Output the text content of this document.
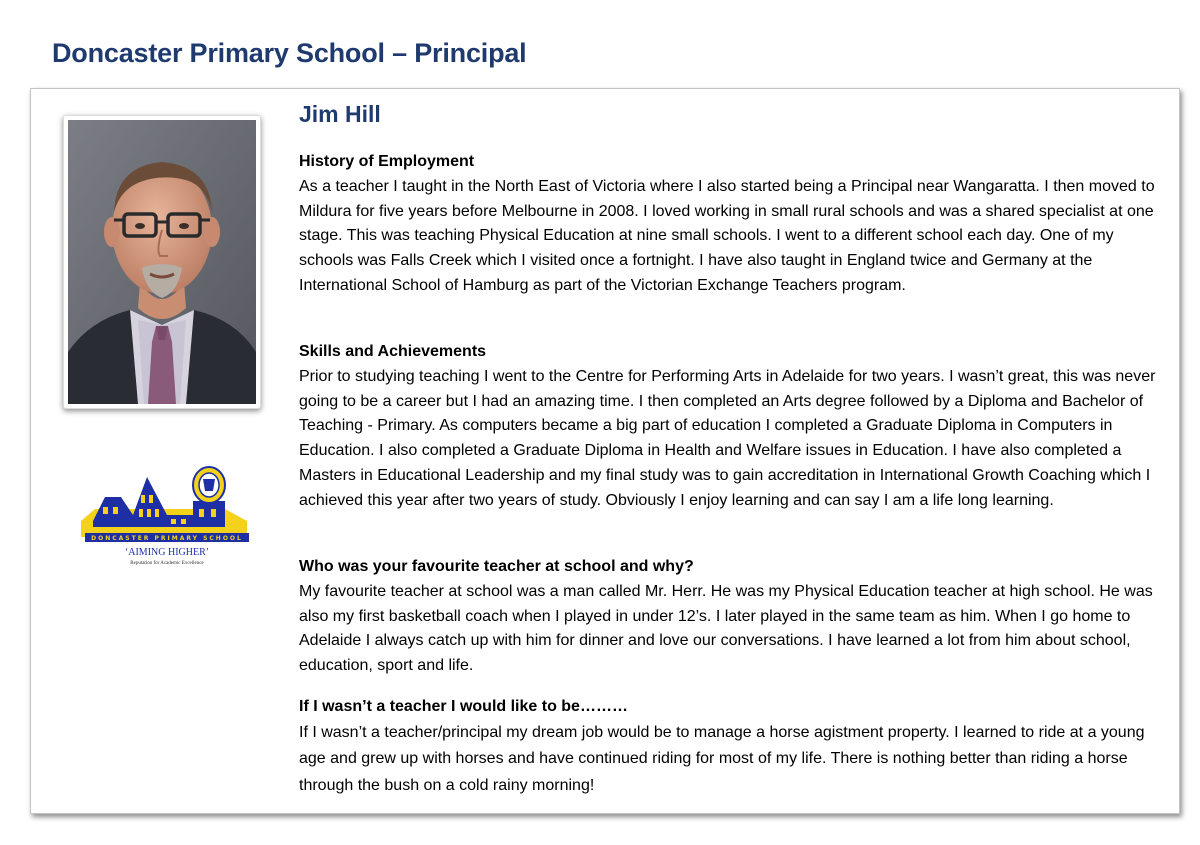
Doncaster Primary School – Principal
DONCASTER PRIMARY SCHOOL
‘AIMING HIGHER’
Reputation for Academic Excellence
Jim Hill
History of Employment

As a teacher I taught in the North East of Victoria where I also started being a Principal near Wangaratta. I then moved to Mildura for five years before Melbourne in 2008. I loved working in small rural schools and was a shared specialist at one stage. This was teaching Physical Education at nine small schools. I went to a different school each day. One of my schools was Falls Creek which I visited once a fortnight. I have also taught in England twice and Germany at the International School of Hamburg as part of the Victorian Exchange Teachers program.

Skills and Achievements

Prior to studying teaching I went to the Centre for Performing Arts in Adelaide for two years. I wasn’t great, this was never going to be a career but I had an amazing time. I then completed an Arts degree followed by a Diploma and Bachelor of Teaching - Primary. As computers became a big part of education I completed a Graduate Diploma in Computers in Education. I also completed a Graduate Diploma in Health and Welfare issues in Education. I have also completed a Masters in Educational Leadership and my final study was to gain accreditation in International Growth Coaching which I achieved this year after two years of study. Obviously I enjoy learning and can say I am a life long learning.

Who was your favourite teacher at school and why?

My favourite teacher at school was a man called Mr. Herr. He was my Physical Education teacher at high school. He was also my first basketball coach when I played in under 12’s. I later played in the same team as him. When I go home to Adelaide I always catch up with him for dinner and love our conversations. I have learned a lot from him about school, education, sport and life.

If I wasn’t a teacher I would like to be………

If I wasn’t a teacher/principal my dream job would be to manage a horse agistment property. I learned to ride at a young age and grew up with horses and have continued riding for most of my life. There is nothing better than riding a horse through the bush on a cold rainy morning!
